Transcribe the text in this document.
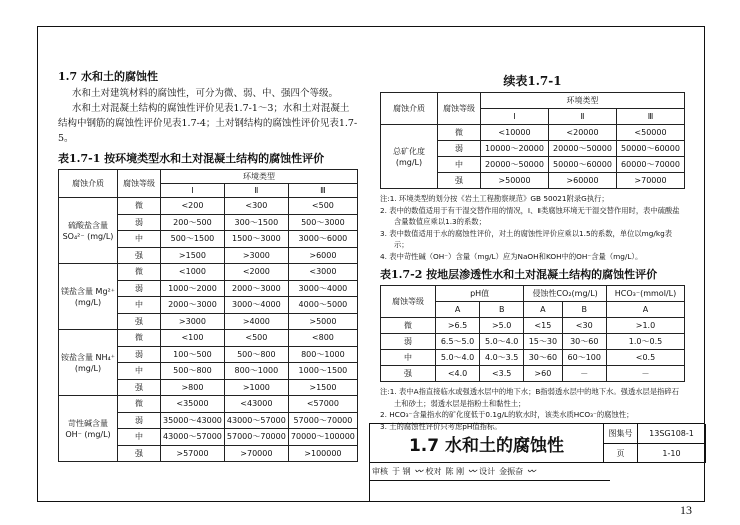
1.7 水和土的腐蚀性

水和土对建筑材料的腐蚀性，可分为微、弱、中、强四个等级。

水和土对混凝土结构的腐蚀性评价见表1.7-1～3；水和土对混凝土结构中钢筋的腐蚀性评价见表1.7-4；土对钢结构的腐蚀性评价见表1.7-5。

表1.7-1 按环境类型水和土对混凝土结构的腐蚀性评价
腐蚀介质	腐蚀等级	环境类型		
		Ⅰ	Ⅱ	Ⅲ
硫酸盐含量 SO₄²⁻ (mg/L)	微	<200	<300	<500
	弱	200～500	300～1500	500～3000
	中	500～1500	1500～3000	3000～6000
	强	>1500	>3000	>6000
镁盐含量 Mg²⁺ (mg/L)	微	<1000	<2000	<3000
	弱	1000～2000	2000～3000	3000～4000
	中	2000～3000	3000～4000	4000～5000
	强	>3000	>4000	>5000
铵盐含量 NH₄⁺ (mg/L)	微	<100	<500	<800
	弱	100～500	500～800	800～1000
	中	500～800	800～1000	1000～1500
	强	>800	>1000	>1500
苛性碱含量 OH⁻ (mg/L)	微	<35000	<43000	<57000
	弱	35000～43000	43000～57000	57000～70000
	中	43000～57000	57000～70000	70000～100000
	强	>57000	>70000	>100000
续表1.7-1
腐蚀介质	腐蚀等级	环境类型		
		Ⅰ	Ⅱ	Ⅲ
总矿化度 (mg/L)	微	<10000	<20000	<50000
	弱	10000～20000	20000～50000	50000～60000
	中	20000～50000	50000～60000	60000～70000
	强	>50000	>60000	>70000
注:1. 环境类型的划分按《岩土工程勘察规范》GB 50021附录G执行；
2. 表中的数值适用于有干湿交替作用的情况，Ⅰ、Ⅱ类腐蚀环境无干湿交替作用时，表中硫酸盐含量数值应乘以1.3的系数；
3. 表中数值适用于水的腐蚀性评价，对土的腐蚀性评价应乘以1.5的系数，单位以mg/kg表示；
4. 表中苛性碱（OH⁻）含量（mg/L）应为NaOH和KOH中的OH⁻含量（mg/L）。
表1.7-2 按地层渗透性水和土对混凝土结构的腐蚀性评价
腐蚀等级	pH值		侵蚀性CO₂(mg/L)		HCO₃⁻(mmol/L)
	A	B	A	B	A
微	>6.5	>5.0	<15	<30	>1.0
弱	6.5～5.0	5.0～4.0	15～30	30～60	1.0～0.5
中	5.0～4.0	4.0～3.5	30～60	60～100	<0.5
强	<4.0	<3.5	>60	－	－
注:1. 表中A指直接临水或强透水层中的地下水；B指弱透水层中的地下水。强透水层是指碎石土和砂土；弱透水层是指粉土和黏性土；
2. HCO₃⁻含量指水的矿化度低于0.1g/L的软水时，该类水质HCO₃⁻的腐蚀性；
3. 土的腐蚀性评价只考虑pH值指标。
1.7 水和土的腐蚀性
图集号	13SG108-1
页	1-10
审核 于 钢 〰 校对 陈 刚 〰 设计 金振奋 〰
13
